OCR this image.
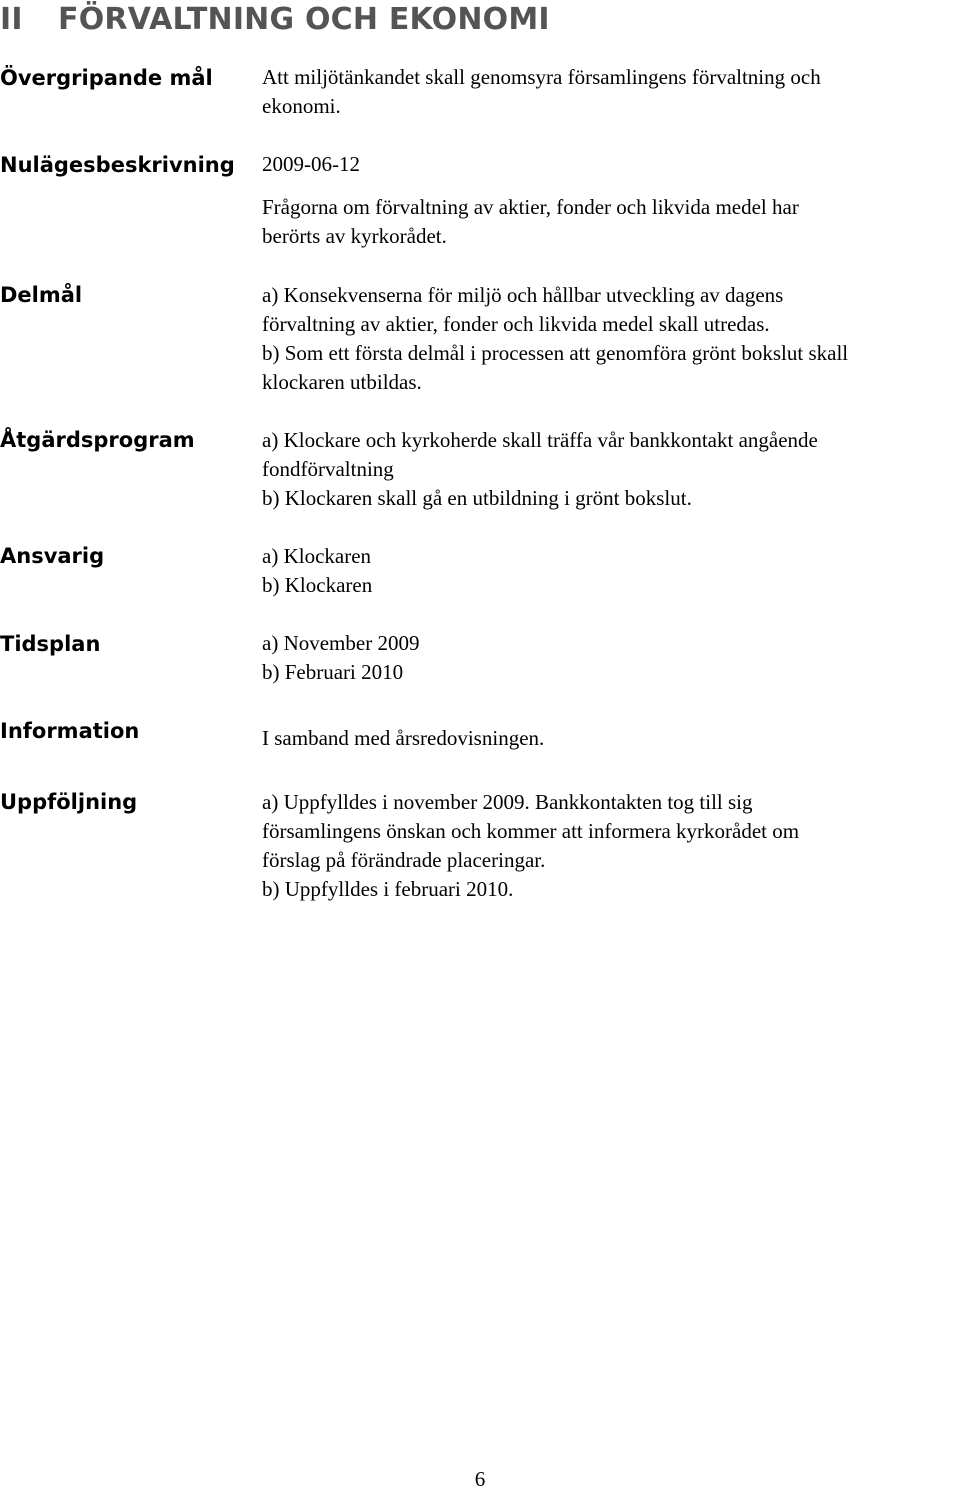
II FÖRVALTNING OCH EKONOMI
Övergripande mål Att miljötänkandet skall genomsyra församlingens förvaltning och
ekonomi.
Nulägesbeskrivning 2009-06-12
Frågorna om förvaltning av aktier, fonder och likvida medel har
berörts av kyrkorådet.
Delmål	a) Konsekvenserna för miljö och hållbar utveckling av dagens
förvaltning av aktier, fonder och likvida medel skall utredas.
b) Som ett första delmål i processen att genomföra grönt bokslut skall
klockaren utbildas.
Åtgärdsprogram	a) Klockare och kyrkoherde skall träffa vår bankkontakt angående
fondförvaltning
b) Klockaren skall gå en utbildning i grönt bokslut.
Ansvarig	a) Klockaren
b) Klockaren
Tidsplan	a) November 2009
b) Februari 2010
Information	I samband med årsredovisningen.
Uppföljning	a) Uppfylldes i november 2009. Bankkontakten tog till sig
församlingens önskan och kommer att informera kyrkorådet om
förslag på förändrade placeringar.
b) Uppfylldes i februari 2010.
6
